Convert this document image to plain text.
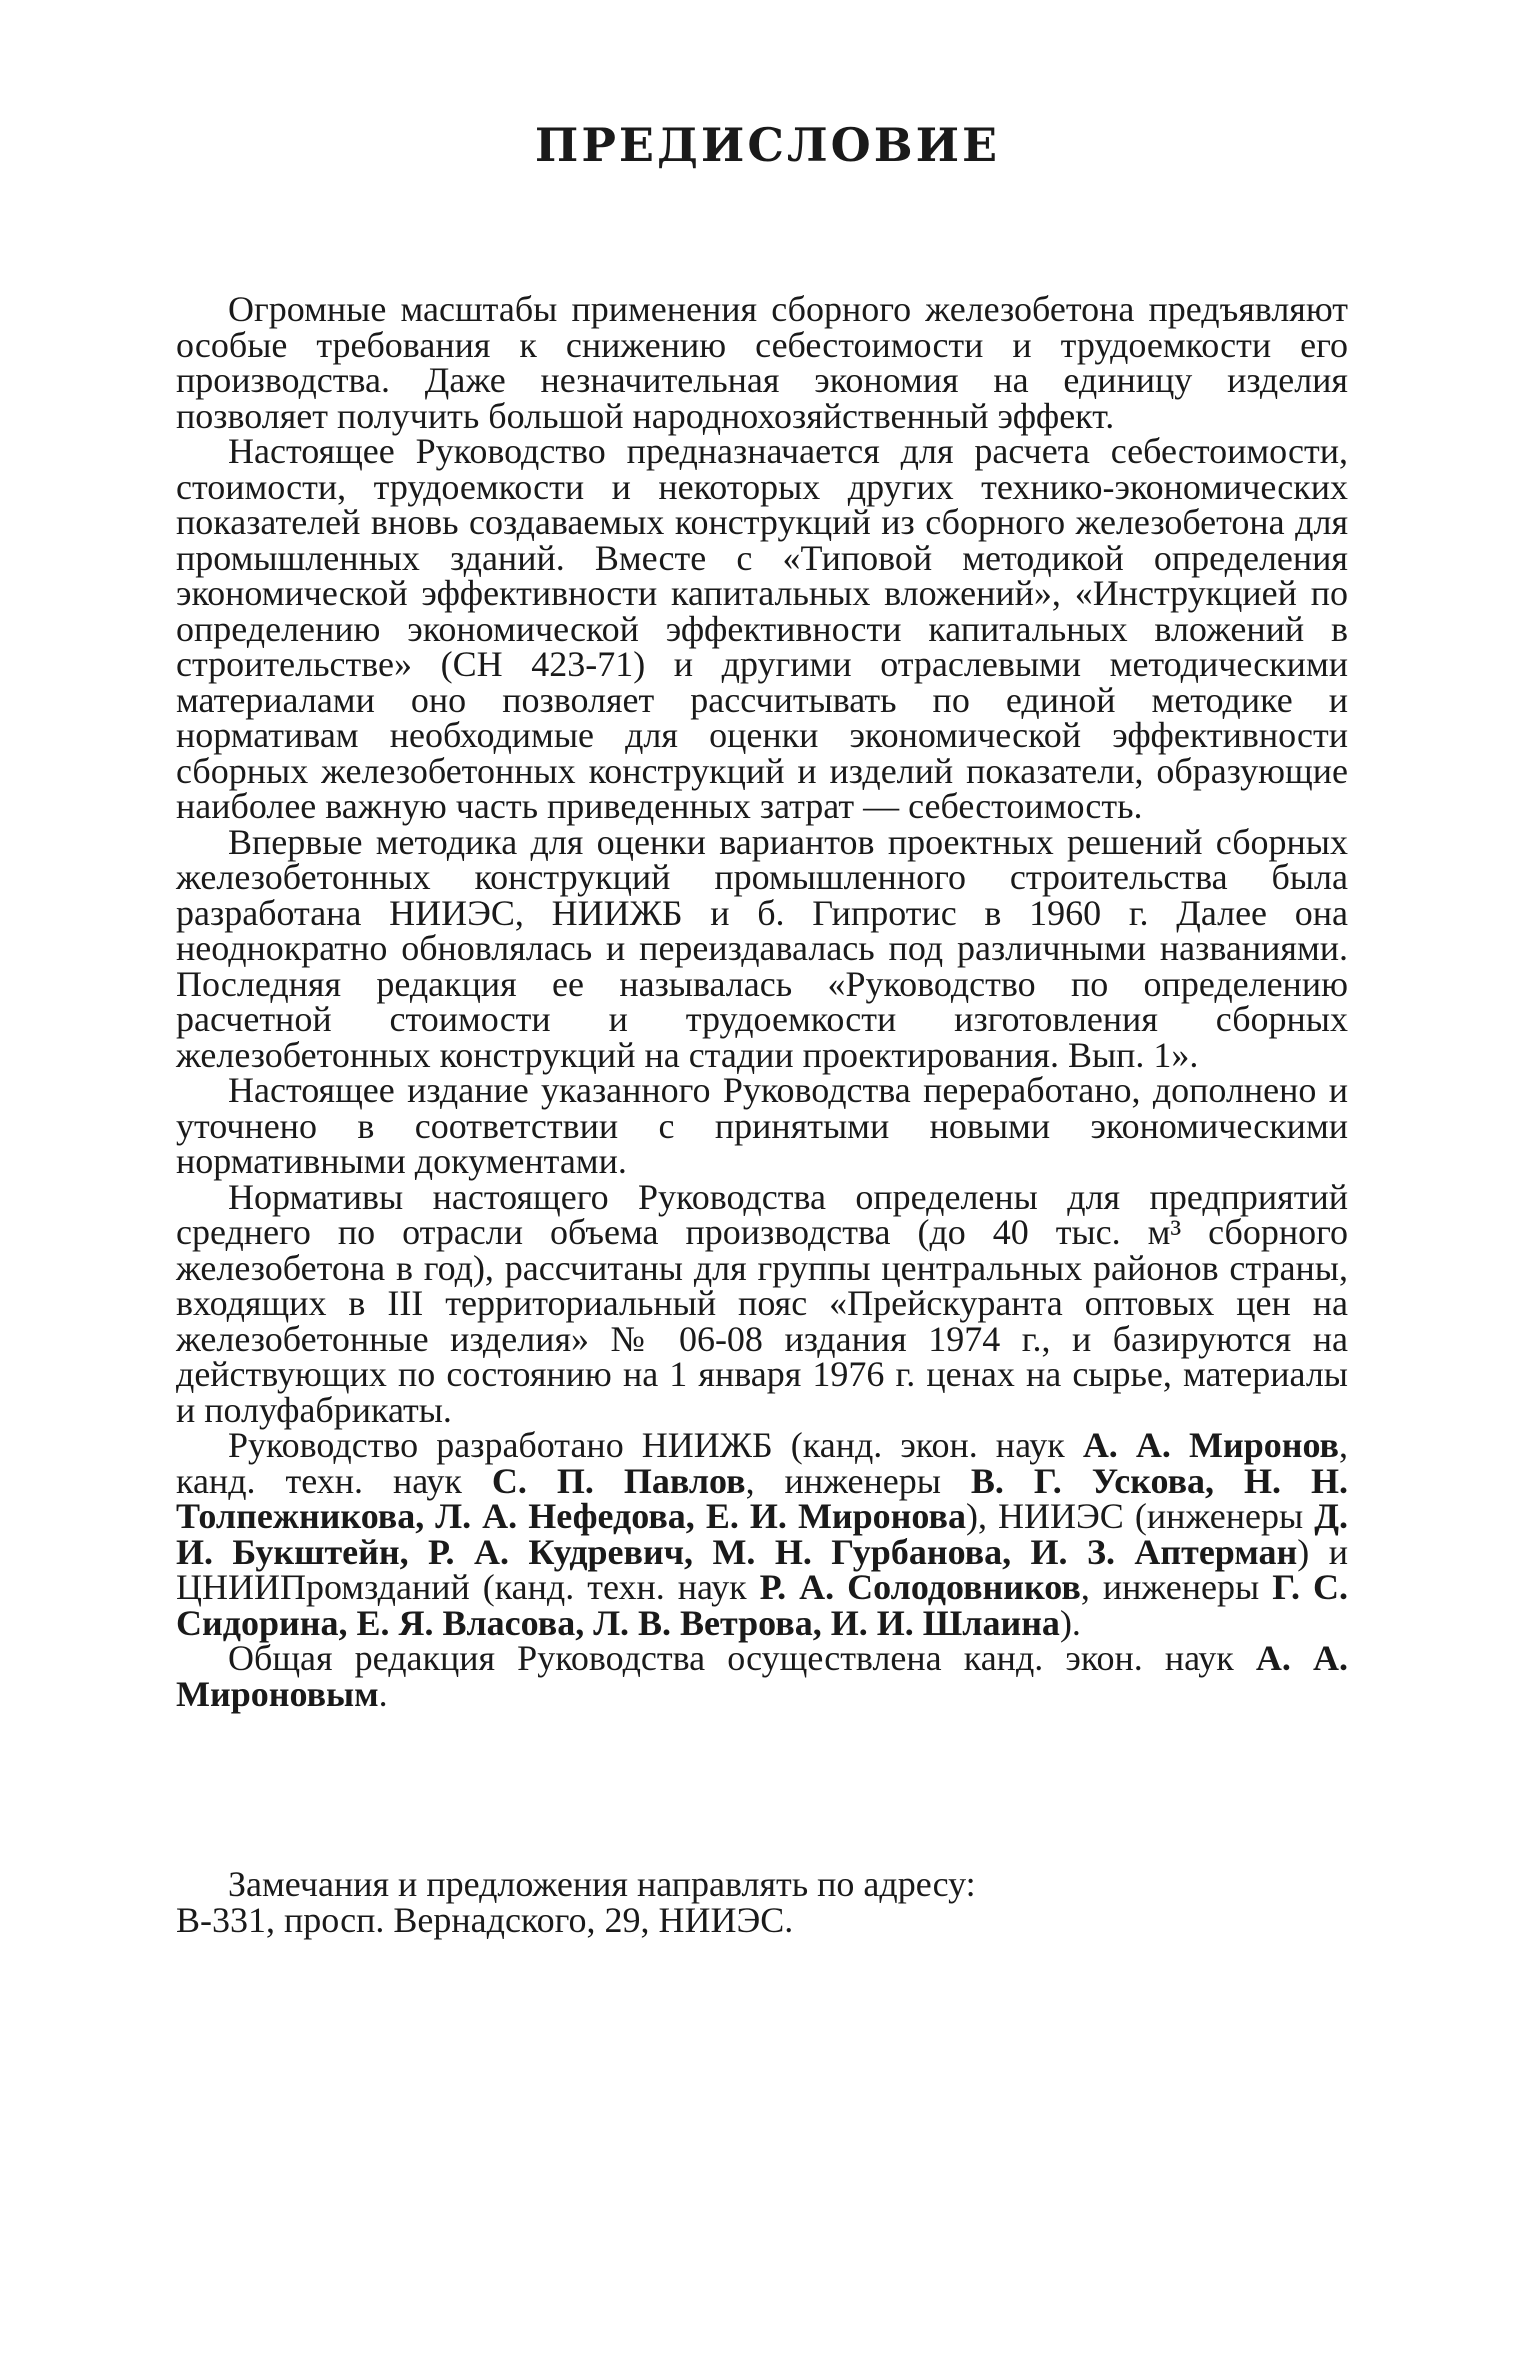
ПРЕДИСЛОВИЕ

Огромные масштабы применения сборного железобетона предъявляют особые требования к снижению себестоимости и трудоемкости его производства. Даже незначительная экономия на единицу изделия позволяет получить большой народнохозяйственный эффект.

Настоящее Руководство предназначается для расчета себестоимости, стоимости, трудоемкости и некоторых других технико-экономических показателей вновь создаваемых конструкций из сборного железобетона для промышленных зданий. Вместе с «Типовой методикой определения экономической эффективности капитальных вложений», «Инструкцией по определению экономической эффективности капитальных вложений в строительстве» (СН 423-71) и другими отраслевыми методическими материалами оно позволяет рассчитывать по единой методике и нормативам необходимые для оценки экономической эффективности сборных железобетонных конструкций и изделий показатели, образующие наиболее важную часть приведенных затрат — себестоимость.

Впервые методика для оценки вариантов проектных решений сборных железобетонных конструкций промышленного строительства была разработана НИИЭС, НИИЖБ и б. Гипротис в 1960 г. Далее она неоднократно обновлялась и переиздавалась под различными названиями. Последняя редакция ее называлась «Руководство по определению расчетной стоимости и трудоемкости изготовления сборных железобетонных конструкций на стадии проектирования. Вып. 1».

Настоящее издание указанного Руководства переработано, дополнено и уточнено в соответствии с принятыми новыми экономическими нормативными документами.

Нормативы настоящего Руководства определены для предприятий среднего по отрасли объема производства (до 40 тыс. м³ сборного железобетона в год), рассчитаны для группы центральных районов страны, входящих в III территориальный пояс «Прейскуранта оптовых цен на железобетонные изделия» № 06-08 издания 1974 г., и базируются на действующих по состоянию на 1 января 1976 г. ценах на сырье, материалы и полуфабрикаты.

Руководство разработано НИИЖБ (канд. экон. наук А. А. Миронов, канд. техн. наук С. П. Павлов, инженеры В. Г. Ускова, Н. Н. Толпежникова, Л. А. Нефедова, Е. И. Миронова), НИИЭС (инженеры Д. И. Букштейн, Р. А. Кудревич, М. Н. Гурбанова, И. З. Аптерман) и ЦНИИПромзданий (канд. техн. наук Р. А. Солодовников, инженеры Г. С. Сидорина, Е. Я. Власова, Л. В. Ветрова, И. И. Шлаина).

Общая редакция Руководства осуществлена канд. экон. наук А. А. Мироновым.

Замечания и предложения направлять по адресу:
В-331, просп. Вернадского, 29, НИИЭС.
